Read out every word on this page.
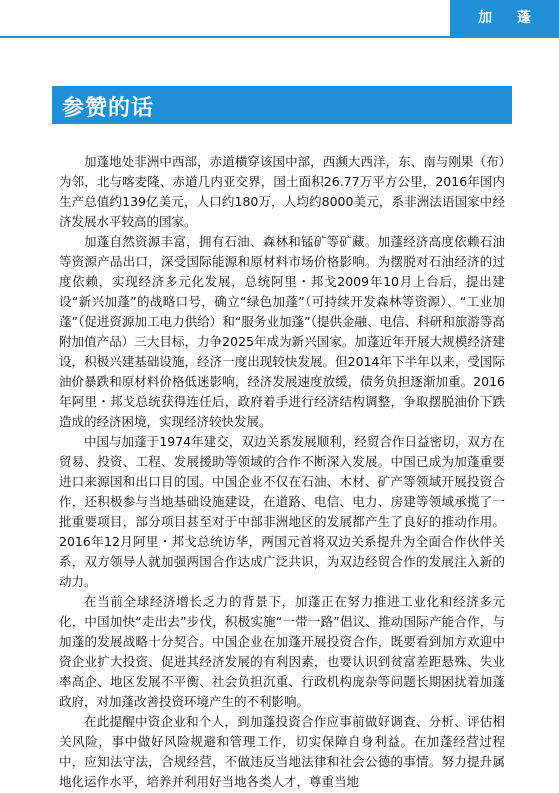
加 蓬
参赞的话

加蓬地处非洲中西部，赤道横穿该国中部，西濒大西洋，东、南与刚果（布）为邻，北与喀麦隆、赤道几内亚交界，国土面积26.77万平方公里，2016年国内生产总值约139亿美元，人口约180万，人均约8000美元，系非洲法语国家中经济发展水平较高的国家。

加蓬自然资源丰富，拥有石油、森林和锰矿等矿藏。加蓬经济高度依赖石油等资源产品出口，深受国际能源和原材料市场价格影响。为摆脱对石油经济的过度依赖，实现经济多元化发展，总统阿里・邦戈2009年10月上台后，提出建设“新兴加蓬”的战略口号，确立“绿色加蓬”（可持续开发森林等资源）、“工业加蓬”（促进资源加工电力供给）和“服务业加蓬”（提供金融、电信、科研和旅游等高附加值产品）三大目标，力争2025年成为新兴国家。加蓬近年开展大规模经济建设，积极兴建基础设施，经济一度出现较快发展。但2014年下半年以来，受国际油价暴跌和原材料价格低迷影响，经济发展速度放缓，债务负担逐渐加重。2016年阿里・邦戈总统获得连任后，政府着手进行经济结构调整，争取摆脱油价下跌造成的经济困境，实现经济较快发展。

中国与加蓬于1974年建交，双边关系发展顺利，经贸合作日益密切，双方在贸易、投资、工程、发展援助等领域的合作不断深入发展。中国已成为加蓬重要进口来源国和出口目的国。中国企业不仅在石油、木材、矿产等领域开展投资合作，还积极参与当地基础设施建设，在道路、电信、电力、房建等领域承揽了一批重要项目，部分项目甚至对于中部非洲地区的发展都产生了良好的推动作用。2016年12月阿里・邦戈总统访华，两国元首将双边关系提升为全面合作伙伴关系，双方领导人就加强两国合作达成广泛共识，为双边经贸合作的发展注入新的动力。

在当前全球经济增长乏力的背景下，加蓬正在努力推进工业化和经济多元化，中国加快“走出去”步伐，积极实施“一带一路”倡议、推动国际产能合作，与加蓬的发展战略十分契合。中国企业在加蓬开展投资合作，既要看到加方欢迎中资企业扩大投资、促进其经济发展的有利因素，也要认识到贫富差距悬殊、失业率高企、地区发展不平衡、社会负担沉重、行政机构庞杂等问题长期困扰着加蓬政府，对加蓬改善投资环境产生的不利影响。

在此提醒中资企业和个人，到加蓬投资合作应事前做好调查、分析、评估相关风险，事中做好风险规避和管理工作，切实保障自身利益。在加蓬经营过程中，应知法守法，合规经营，不做违反当地法律和社会公德的事情。努力提升属地化运作水平，培养并利用好当地各类人才，尊重当地
